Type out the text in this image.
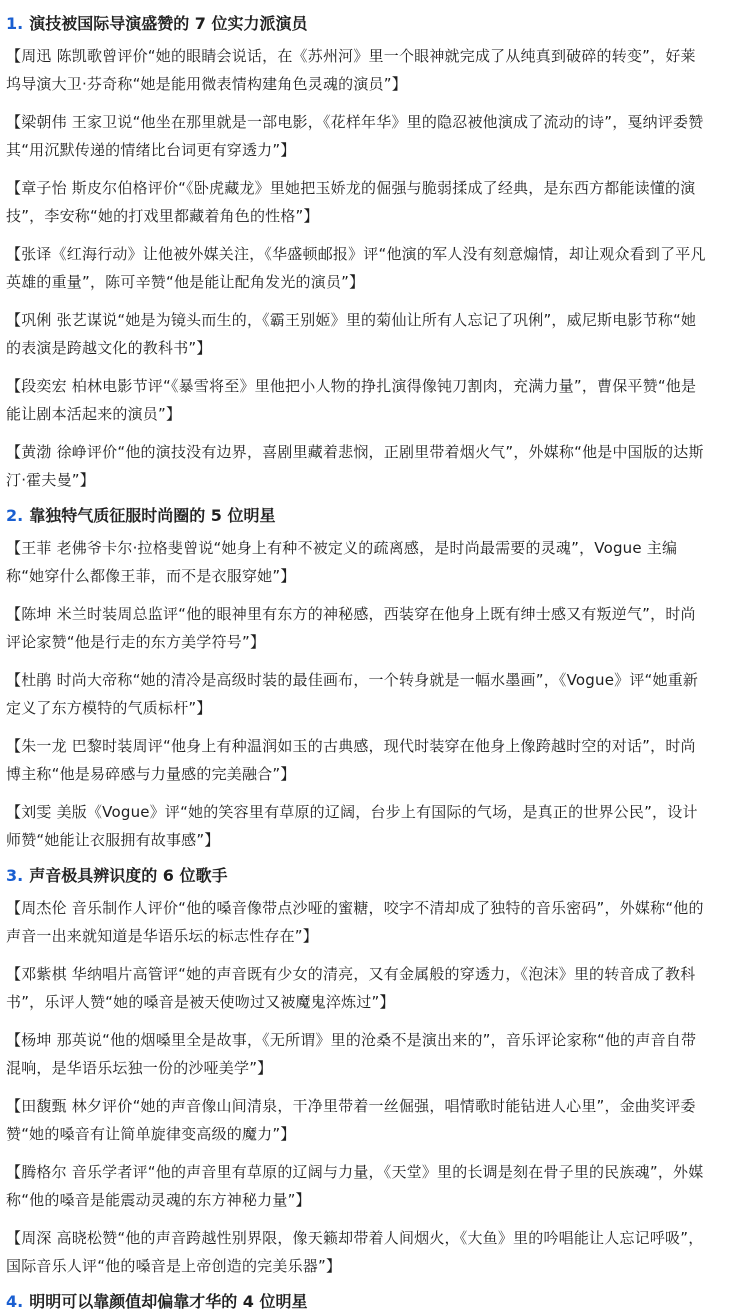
1. 演技被国际导演盛赞的 7 位实力派演员

【周迅 陈凯歌曾评价“她的眼睛会说话，在《苏州河》里一个眼神就完成了从纯真到破碎的转变”，好莱坞导演大卫·芬奇称“她是能用微表情构建角色灵魂的演员”】

【梁朝伟 王家卫说“他坐在那里就是一部电影，《花样年华》里的隐忍被他演成了流动的诗”，戛纳评委赞其“用沉默传递的情绪比台词更有穿透力”】

【章子怡 斯皮尔伯格评价“《卧虎藏龙》里她把玉娇龙的倔强与脆弱揉成了经典，是东西方都能读懂的演技”，李安称“她的打戏里都藏着角色的性格”】

【张译《红海行动》让他被外媒关注，《华盛顿邮报》评“他演的军人没有刻意煽情，却让观众看到了平凡英雄的重量”，陈可辛赞“他是能让配角发光的演员”】

【巩俐 张艺谋说“她是为镜头而生的，《霸王别姬》里的菊仙让所有人忘记了巩俐”，威尼斯电影节称“她的表演是跨越文化的教科书”】

【段奕宏 柏林电影节评“《暴雪将至》里他把小人物的挣扎演得像钝刀割肉，充满力量”，曹保平赞“他是能让剧本活起来的演员”】

【黄渤 徐峥评价“他的演技没有边界，喜剧里藏着悲悯，正剧里带着烟火气”，外媒称“他是中国版的达斯汀·霍夫曼”】

2. 靠独特气质征服时尚圈的 5 位明星

【王菲 老佛爷卡尔·拉格斐曾说“她身上有种不被定义的疏离感，是时尚最需要的灵魂”，Vogue 主编称“她穿什么都像王菲，而不是衣服穿她”】

【陈坤 米兰时装周总监评“他的眼神里有东方的神秘感，西装穿在他身上既有绅士感又有叛逆气”，时尚评论家赞“他是行走的东方美学符号”】

【杜鹃 时尚大帝称“她的清冷是高级时装的最佳画布，一个转身就是一幅水墨画”，《Vogue》评“她重新定义了东方模特的气质标杆”】

【朱一龙 巴黎时装周评“他身上有种温润如玉的古典感，现代时装穿在他身上像跨越时空的对话”，时尚博主称“他是易碎感与力量感的完美融合”】

【刘雯 美版《Vogue》评“她的笑容里有草原的辽阔，台步上有国际的气场，是真正的世界公民”，设计师赞“她能让衣服拥有故事感”】

3. 声音极具辨识度的 6 位歌手

【周杰伦 音乐制作人评价“他的嗓音像带点沙哑的蜜糖，咬字不清却成了独特的音乐密码”，外媒称“他的声音一出来就知道是华语乐坛的标志性存在”】

【邓紫棋 华纳唱片高管评“她的声音既有少女的清亮，又有金属般的穿透力，《泡沫》里的转音成了教科书”，乐评人赞“她的嗓音是被天使吻过又被魔鬼淬炼过”】

【杨坤 那英说“他的烟嗓里全是故事，《无所谓》里的沧桑不是演出来的”，音乐评论家称“他的声音自带混响，是华语乐坛独一份的沙哑美学”】

【田馥甄 林夕评价“她的声音像山间清泉，干净里带着一丝倔强，唱情歌时能钻进人心里”，金曲奖评委赞“她的嗓音有让简单旋律变高级的魔力”】

【腾格尔 音乐学者评“他的声音里有草原的辽阔与力量，《天堂》里的长调是刻在骨子里的民族魂”，外媒称“他的嗓音是能震动灵魂的东方神秘力量”】

【周深 高晓松赞“他的声音跨越性别界限，像天籁却带着人间烟火，《大鱼》里的吟唱能让人忘记呼吸”，国际音乐人评“他的嗓音是上帝创造的完美乐器”】

4. 明明可以靠颜值却偏靠才华的 4 位明星
